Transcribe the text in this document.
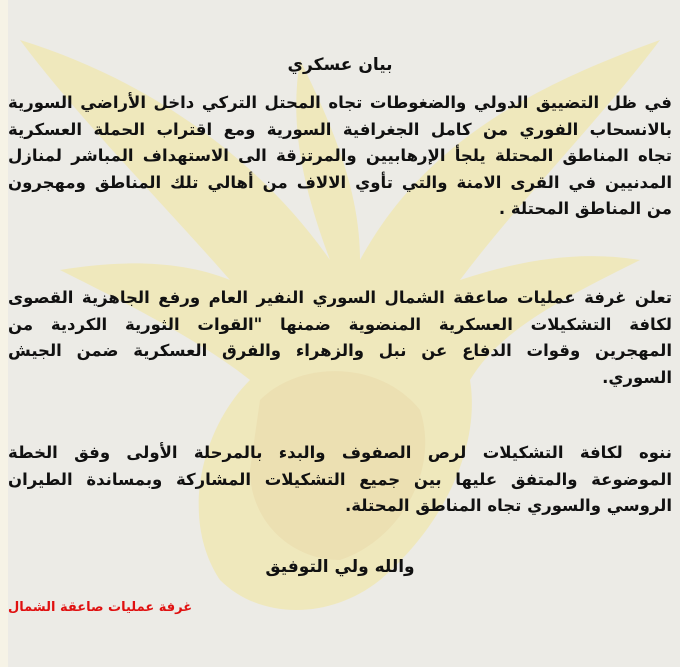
بيان عسكري
في ظل التضييق الدولي والضغوطات تجاه المحتل التركي داخل الأراضي السورية
بالانسحاب الفوري من كامل الجغرافية السورية ومع اقتراب الحملة العسكرية
تجاه المناطق المحتلة يلجأ الإرهابيين والمرتزقة الى الاستهداف المباشر لمنازل
المدنيين في القرى الامنة والتي تأوي الالاف من أهالي تلك المناطق ومهجرون
من المناطق المحتلة .
تعلن غرفة عمليات صاعقة الشمال السوري النفير العام ورفع الجاهزية القصوى
لكافة التشكيلات العسكرية المنضوية ضمنها "القوات الثورية الكردية من
المهجرين وقوات الدفاع عن نبل والزهراء والفرق العسكرية ضمن الجيش
السوري.
ننوه لكافة التشكيلات لرص الصفوف والبدء بالمرحلة الأولى وفق الخطة
الموضوعة والمتفق عليها بين جميع التشكيلات المشاركة وبمساندة الطيران
الروسي والسوري تجاه المناطق المحتلة.
والله ولي التوفيق
غرفة عمليات صاعقة الشمال
